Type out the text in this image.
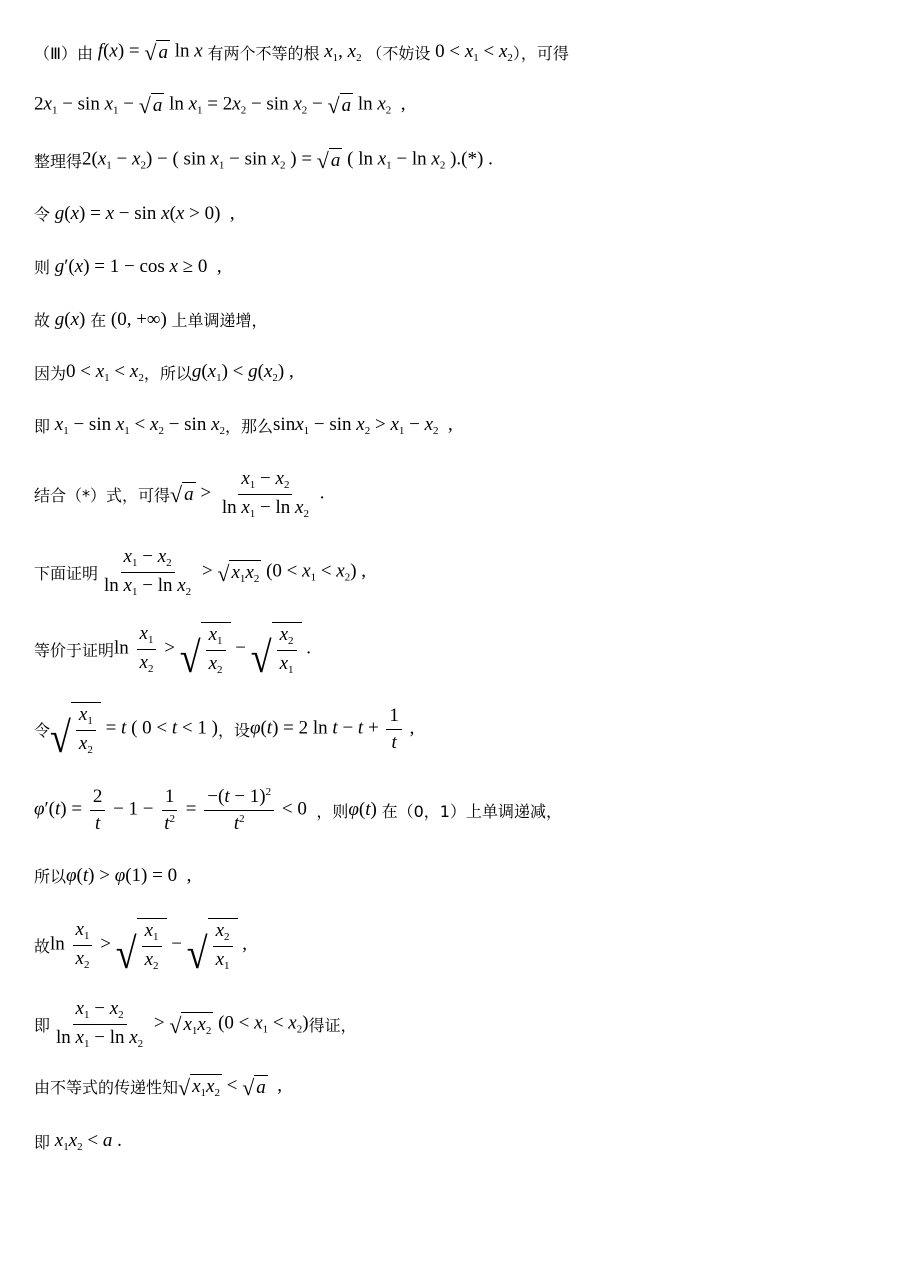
（Ⅲ）由 f(x) = √ a ln x 有两个不等的根 $x_1$, $x_2$ （不妨设 $0 < x_1 < x_2$ ），可得
$2x_1 - \sin x_1$ − √ a $\ln x_1 = 2x_2 - \sin x_2$ − √ a $\ln x_2$  ,
整理得 $2(x_1 - x_2)$ − ( $\sin x_1 - \sin x_2$ ) = √ a ( $\ln x_1 - \ln x_2$ ).(*) .
令 g(x) = x − sin x(x > 0)  ,
则 g′(x) = 1 − cos x ≥ 0  ,
故 g(x) 在 (0, +∞) 上单调递增，
因为 $0 < x_1 < x_2$ ，所以 $g(x_1) < g(x_2)$ ,
即 $x_1 - \sin x_1 < x_2 - \sin x_2$ ，那么 $\sin x_1 - \sin x_2 > x_1 - x_2$  ,
结合（*）式，可得 √ $a > \frac{x_1 - x_2}{\ln x_1 - \ln x_2}$ .
下面证明 $\frac{x_1 - x_2}{\ln x_1 - \ln x_2}$ > √ $x_1x_2$ $(0 < x_1 < x_2)$ ,
等价于证明 $\ln \frac{x_1}{x_2}$ > √ $\frac{x_1}{x_2}$ − √ $\frac{x_2}{x_1}$ .
令 √ $\frac{x_1}{x_2} = t$ ( 0 < t < 1 ) ，设 φ(t) = 2 $\ln t - t + \frac{1}{t}$ ,
$\varphi'(t) = \frac{2}{t} - 1 - \frac{1}{t^2} = \frac{-(t - 1)^2}{t^2} < 0$ ，则 φ(t) 在（0，1）上单调递减，
所以 φ(t) > φ(1) = 0  ,
故 $\ln \frac{x_1}{x_2}$ > √ $\frac{x_1}{x_2}$ − √ $\frac{x_2}{x_1}$ ,
即 $\frac{x_1 - x_2}{\ln x_1 - \ln x_2}$ > √ $x_1x_2$ $(0 < x_1 < x_2)$ 得证，
由不等式的传递性知 √ $x_1x_2$ < √ a ,
即 $x_1x_2 < a$ .
